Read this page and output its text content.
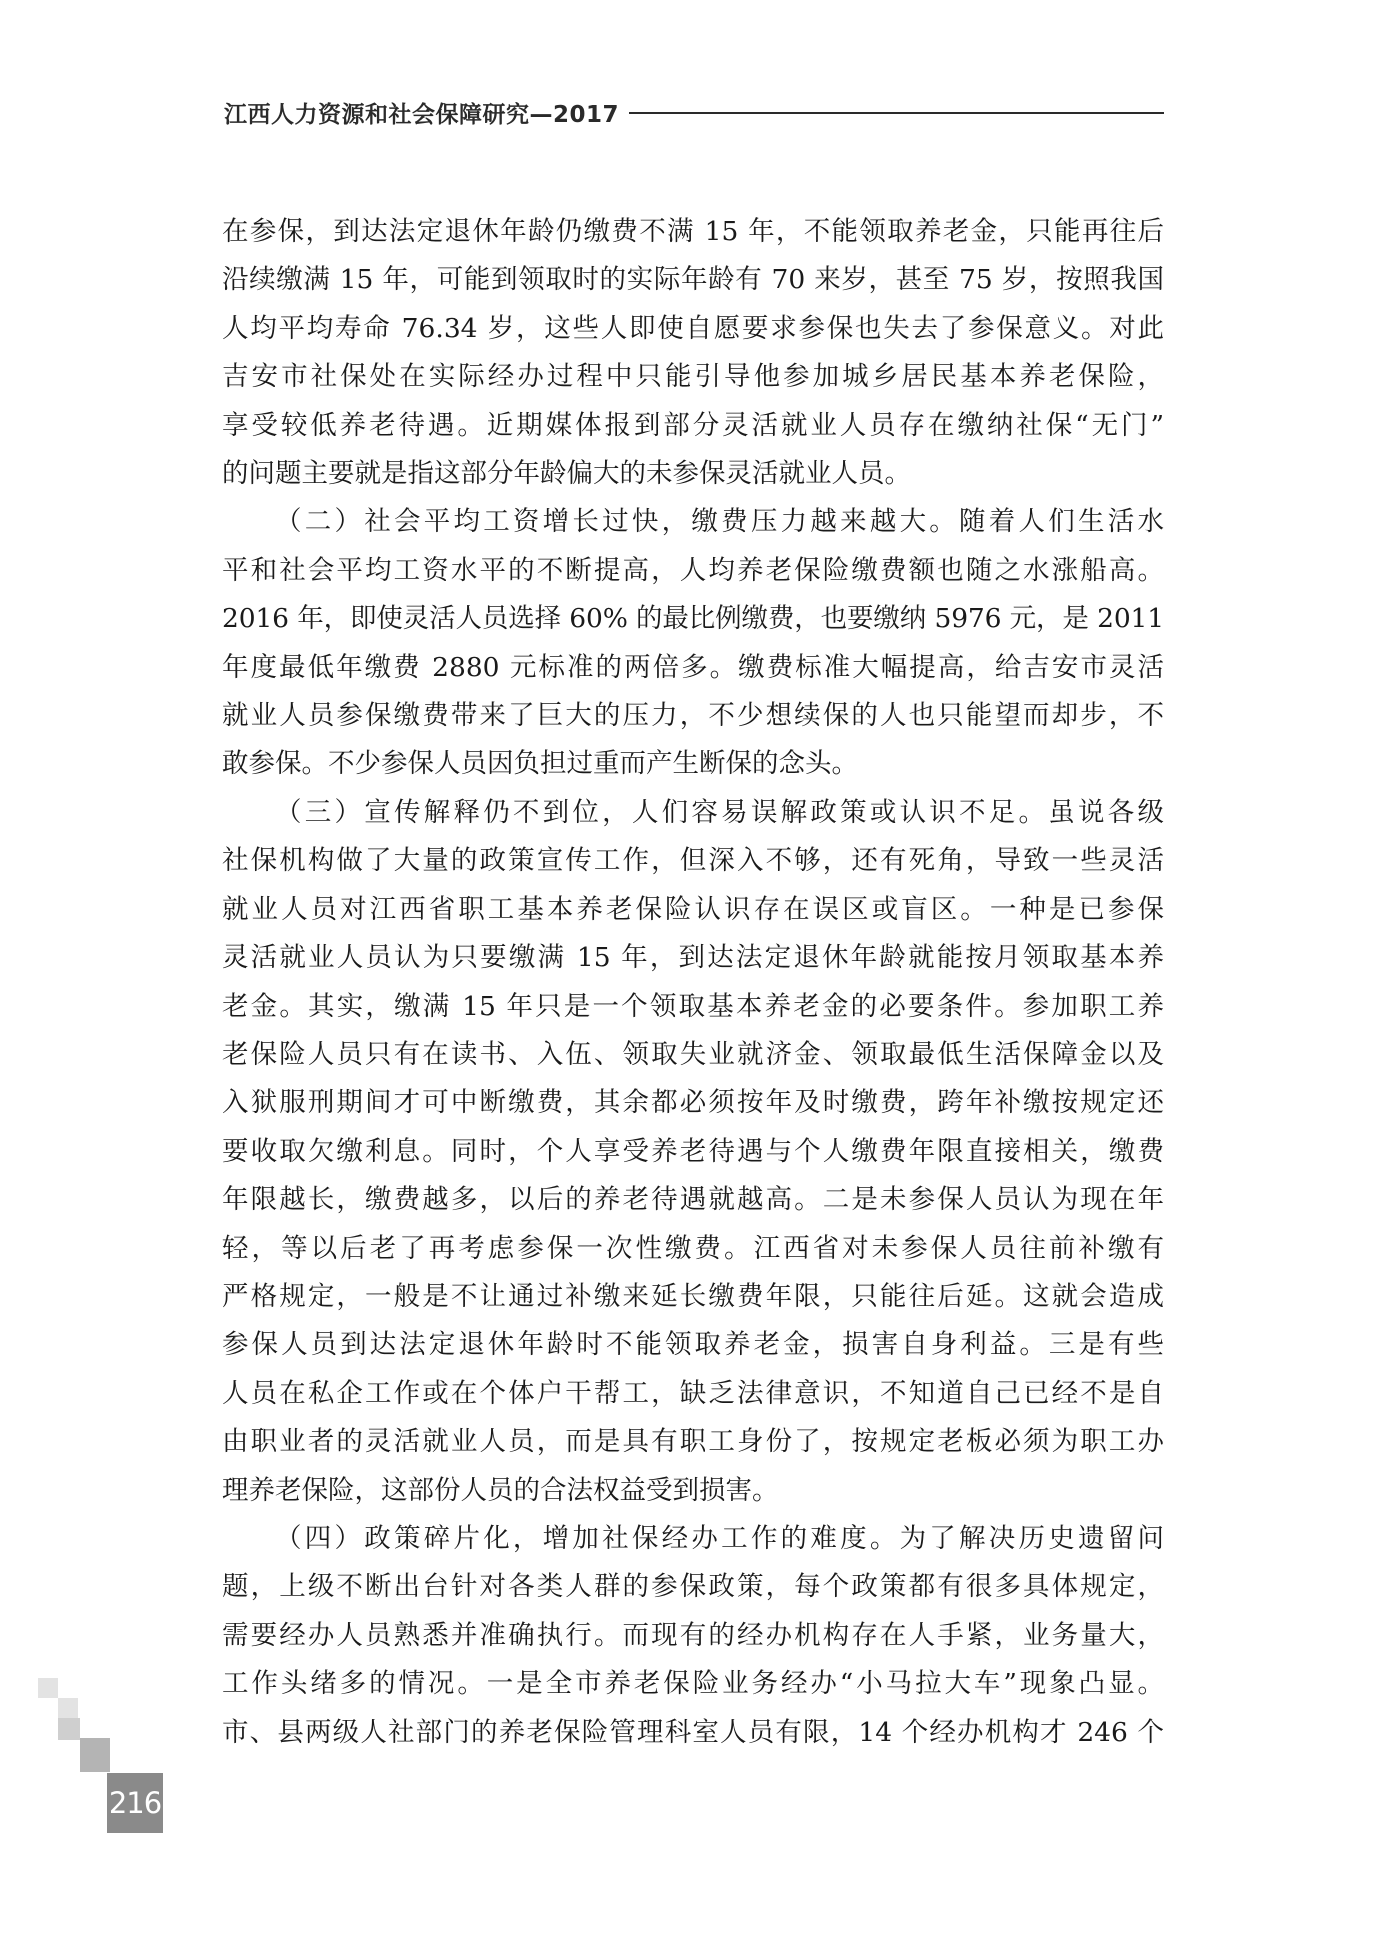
江西人力资源和社会保障研究—2017

在参保，到达法定退休年龄仍缴费不满 15 年，不能领取养老金，只能再往后
沿续缴满 15 年，可能到领取时的实际年龄有 70 来岁，甚至 75 岁，按照我国
人均平均寿命 76.34 岁，这些人即使自愿要求参保也失去了参保意义。对此
吉安市社保处在实际经办过程中只能引导他参加城乡居民基本养老保险，
享受较低养老待遇。近期媒体报到部分灵活就业人员存在缴纳社保“无门”
的问题主要就是指这部分年龄偏大的未参保灵活就业人员。

（二）社会平均工资增长过快，缴费压力越来越大。随着人们生活水
平和社会平均工资水平的不断提高，人均养老保险缴费额也随之水涨船高。
2016 年，即使灵活人员选择 60% 的最比例缴费，也要缴纳 5976 元，是 2011
年度最低年缴费 2880 元标准的两倍多。缴费标准大幅提高，给吉安市灵活
就业人员参保缴费带来了巨大的压力，不少想续保的人也只能望而却步，不
敢参保。不少参保人员因负担过重而产生断保的念头。

（三）宣传解释仍不到位，人们容易误解政策或认识不足。虽说各级
社保机构做了大量的政策宣传工作，但深入不够，还有死角，导致一些灵活
就业人员对江西省职工基本养老保险认识存在误区或盲区。一种是已参保
灵活就业人员认为只要缴满 15 年，到达法定退休年龄就能按月领取基本养
老金。其实，缴满 15 年只是一个领取基本养老金的必要条件。参加职工养
老保险人员只有在读书、入伍、领取失业就济金、领取最低生活保障金以及
入狱服刑期间才可中断缴费，其余都必须按年及时缴费，跨年补缴按规定还
要收取欠缴利息。同时，个人享受养老待遇与个人缴费年限直接相关，缴费
年限越长，缴费越多，以后的养老待遇就越高。二是未参保人员认为现在年
轻，等以后老了再考虑参保一次性缴费。江西省对未参保人员往前补缴有
严格规定，一般是不让通过补缴来延长缴费年限，只能往后延。这就会造成
参保人员到达法定退休年龄时不能领取养老金，损害自身利益。三是有些
人员在私企工作或在个体户干帮工，缺乏法律意识，不知道自己已经不是自
由职业者的灵活就业人员，而是具有职工身份了，按规定老板必须为职工办
理养老保险，这部份人员的合法权益受到损害。

（四）政策碎片化，增加社保经办工作的难度。为了解决历史遗留问
题，上级不断出台针对各类人群的参保政策，每个政策都有很多具体规定，
需要经办人员熟悉并准确执行。而现有的经办机构存在人手紧，业务量大，
工作头绪多的情况。一是全市养老保险业务经办“小马拉大车”现象凸显。
市、县两级人社部门的养老保险管理科室人员有限，14 个经办机构才 246 个

216
